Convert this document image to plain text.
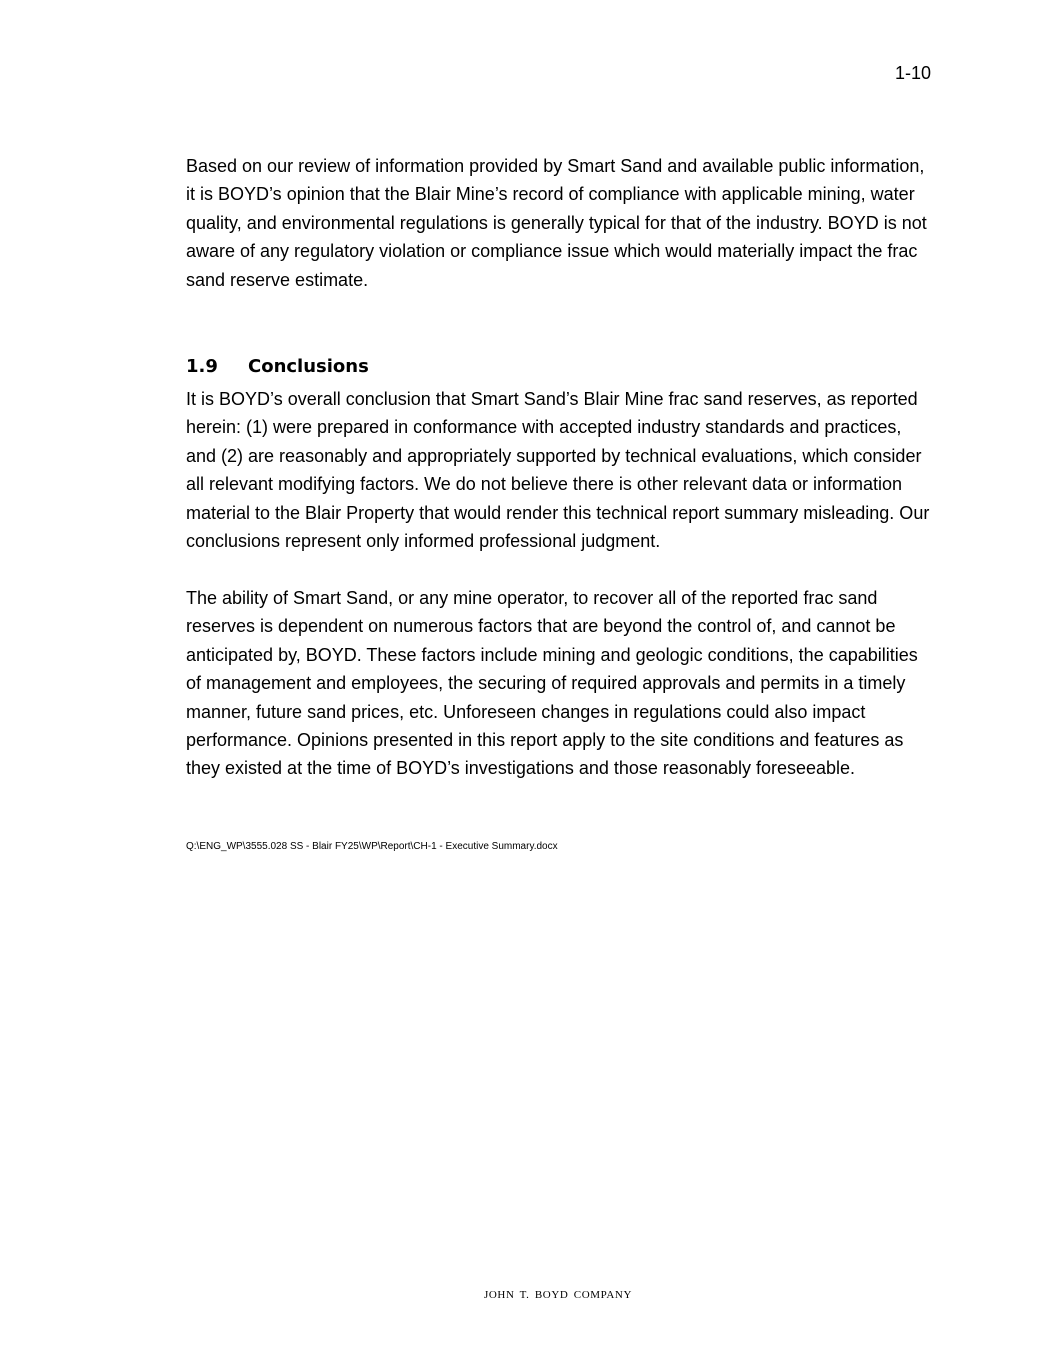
1-10

Based on our review of information provided by Smart Sand and available public information, it is BOYD’s opinion that the Blair Mine’s record of compliance with applicable mining, water quality, and environmental regulations is generally typical for that of the industry. BOYD is not aware of any regulatory violation or compliance issue which would materially impact the frac sand reserve estimate.

1.9 Conclusions

It is BOYD’s overall conclusion that Smart Sand’s Blair Mine frac sand reserves, as reported herein: (1) were prepared in conformance with accepted industry standards and practices, and (2) are reasonably and appropriately supported by technical evaluations, which consider all relevant modifying factors. We do not believe there is other relevant data or information material to the Blair Property that would render this technical report summary misleading. Our conclusions represent only informed professional judgment.

The ability of Smart Sand, or any mine operator, to recover all of the reported frac sand reserves is dependent on numerous factors that are beyond the control of, and cannot be anticipated by, BOYD. These factors include mining and geologic conditions, the capabilities of management and employees, the securing of required approvals and permits in a timely manner, future sand prices, etc. Unforeseen changes in regulations could also impact performance. Opinions presented in this report apply to the site conditions and features as they existed at the time of BOYD’s investigations and those reasonably foreseeable.

Q:\ENG_WP\3555.028 SS - Blair FY25\WP\Report\CH-1 - Executive Summary.docx
JOHN T. BOYD COMPANY
